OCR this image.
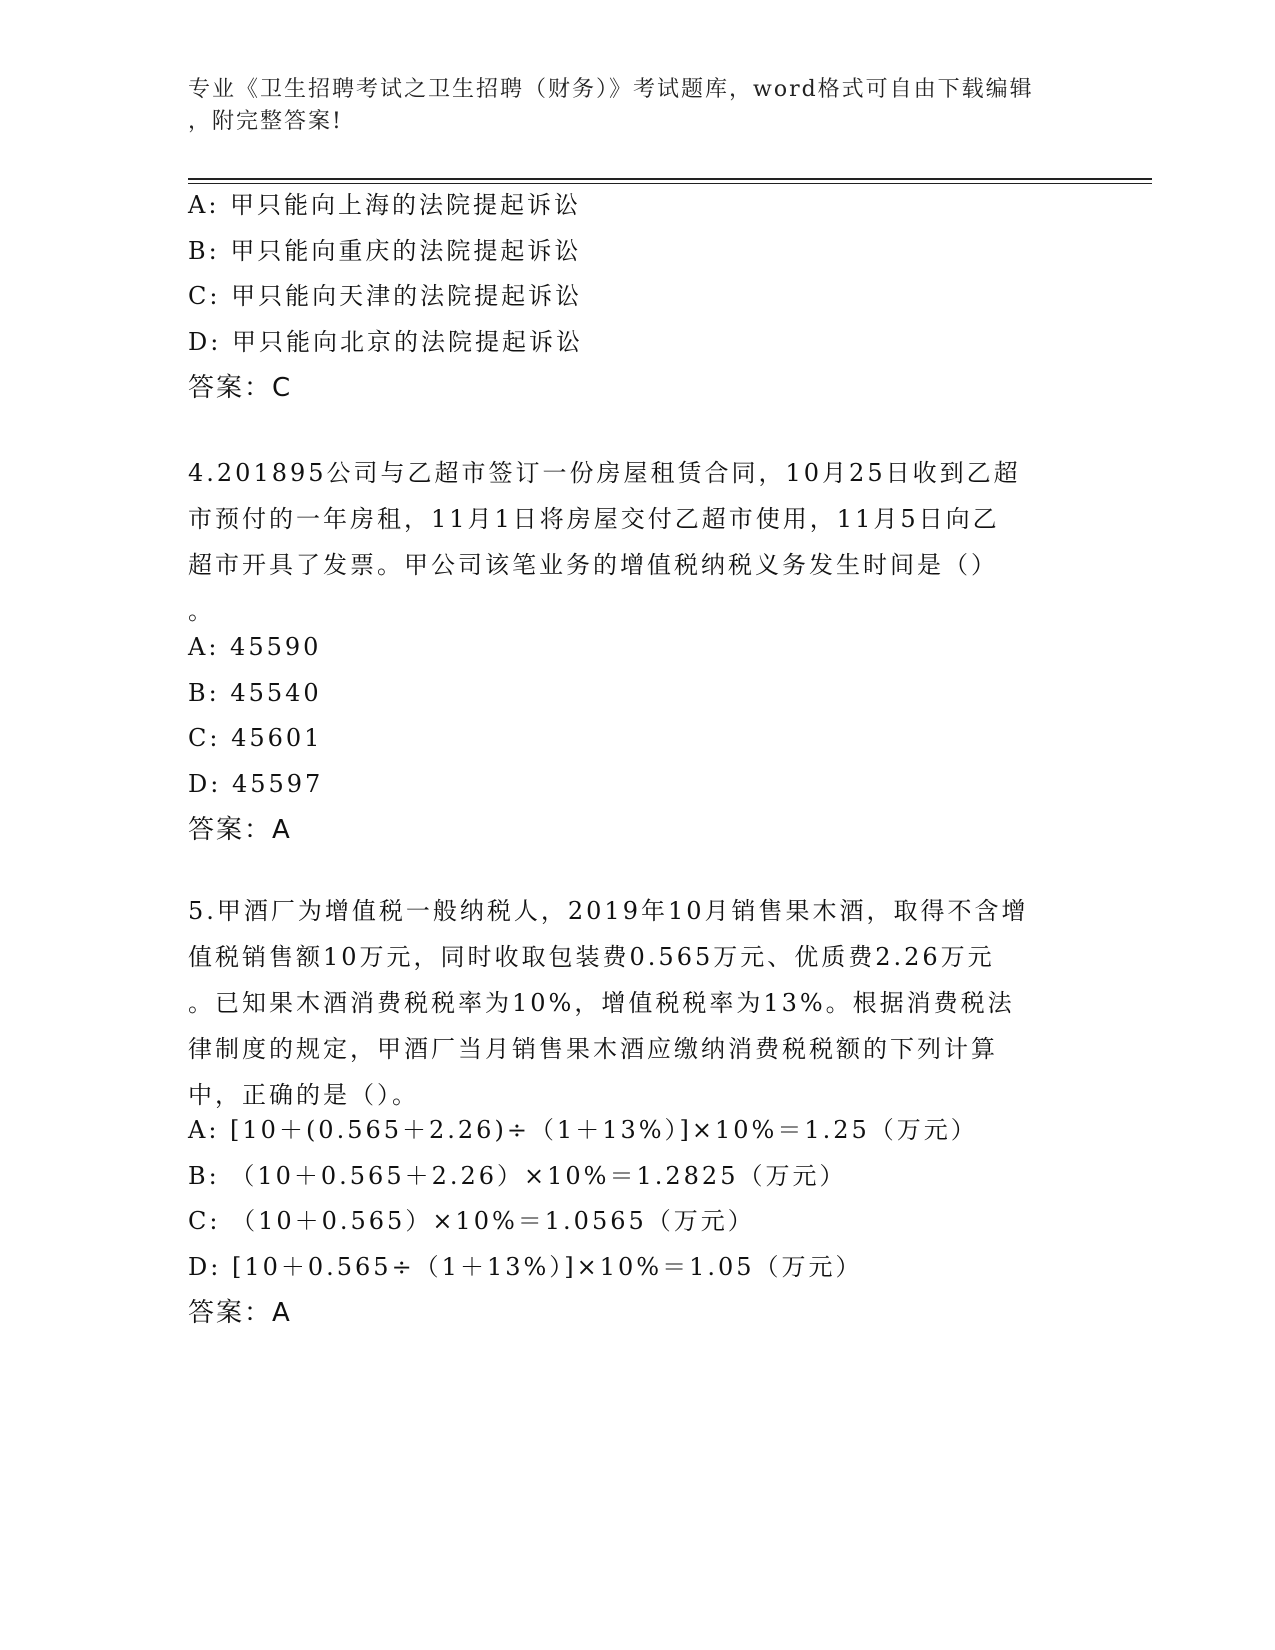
专业《卫生招聘考试之卫生招聘（财务）》考试题库，word格式可自由下载编辑
，附完整答案!
A: 甲只能向上海的法院提起诉讼
B: 甲只能向重庆的法院提起诉讼
C: 甲只能向天津的法院提起诉讼
D: 甲只能向北京的法院提起诉讼
答案：C
4.201895公司与乙超市签订一份房屋租赁合同，10月25日收到乙超
市预付的一年房租，11月1日将房屋交付乙超市使用，11月5日向乙
超市开具了发票。甲公司该笔业务的增值税纳税义务发生时间是（）
。
A: 45590
B: 45540
C: 45601
D: 45597
答案：A
5.甲酒厂为增值税一般纳税人，2019年10月销售果木酒，取得不含增
值税销售额10万元，同时收取包装费0.565万元、优质费2.26万元
。已知果木酒消费税税率为10%，增值税税率为13%。根据消费税法
律制度的规定，甲酒厂当月销售果木酒应缴纳消费税税额的下列计算
中，正确的是（）。
A: [10＋(0.565＋2.26)÷（1＋13%）]×10%＝1.25（万元）
B: （10＋0.565＋2.26）×10%＝1.2825（万元）
C: （10＋0.565）×10%＝1.0565（万元）
D: [10＋0.565÷（1＋13%）]×10%＝1.05（万元）
答案：A
